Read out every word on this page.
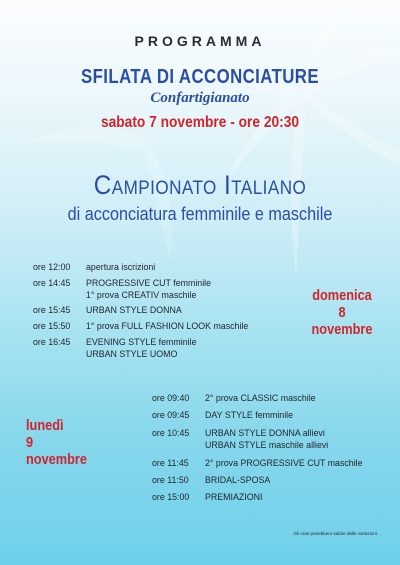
PROGRAMMA

SFILATA DI ACCONCIATURE

Confartigianato

sabato 7 novembre - ore 20:30

Campionato Italiano

di acconciatura femminile e maschile

ore 12:00 apertura iscrizioni
ore 14:45 PROGRESSIVE CUT femminile
1° prova CREATIV maschile
ore 15:45 URBAN STYLE DONNA
ore 15:50 1° prova FULL FASHION LOOK maschile
ore 16:45 EVENING STYLE femminile
URBAN STYLE UOMO
domenica
8
novembre
lunedì
9
novembre
ore 09:40 2° prova CLASSIC maschile
ore 09:45 DAY STYLE femminile
ore 10:45 URBAN STYLE DONNA allievi
URBAN STYLE maschile allievi
ore 11:45 2° prova PROGRESSIVE CUT maschile
ore 11:50 BRIDAL-SPOSA
ore 15:00 PREMIAZIONI

Gli orari potrebbero subire delle variazioni.
